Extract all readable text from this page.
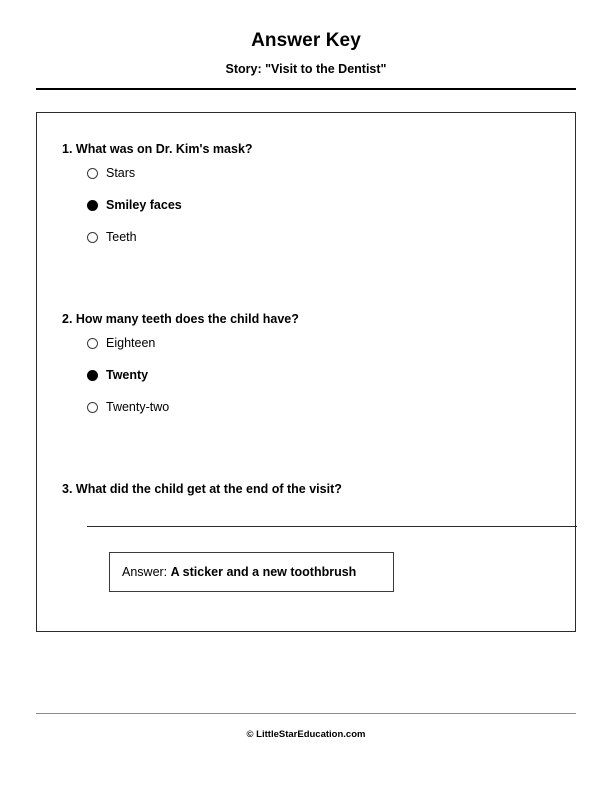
Answer Key
Story: "Visit to the Dentist"
1. What was on Dr. Kim's mask?
Stars
Smiley faces
Teeth
2. How many teeth does the child have?
Eighteen
Twenty
Twenty-two
3. What did the child get at the end of the visit?
Answer: A sticker and a new toothbrush
© LittleStarEducation.com
